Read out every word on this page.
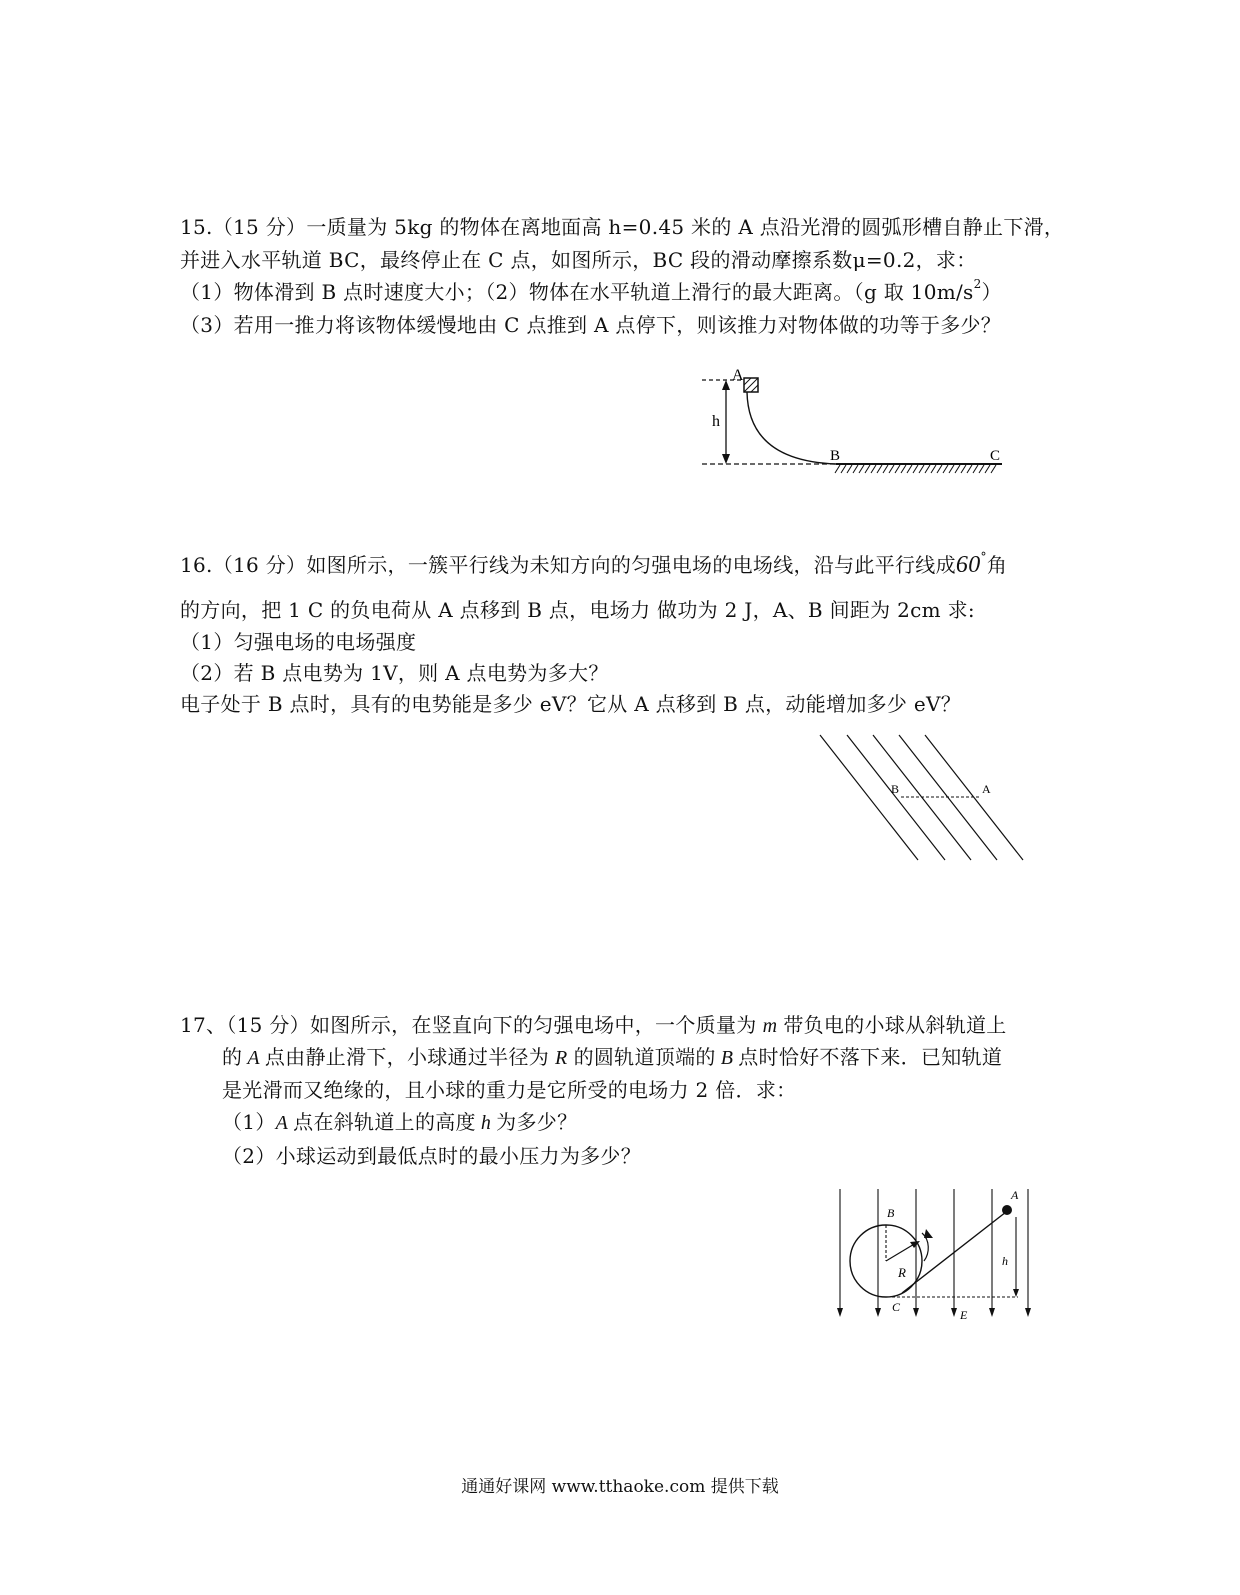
15.（15 分）一质量为 5kg 的物体在离地面高 h=0.45 米的 A 点沿光滑的圆弧形槽自静止下滑，
并进入水平轨道 BC，最终停止在 C 点，如图所示，BC 段的滑动摩擦系数μ=0.2，求：
（1）物体滑到 B 点时速度大小；（2）物体在水平轨道上滑行的最大距离。（g 取 $10m/s^2$）
（3）若用一推力将该物体缓慢地由 C 点推到 A 点停下，则该推力对物体做的功等于多少？
A
h
B	C
16.（16 分）如图所示，一簇平行线为未知方向的匀强电场的电场线，沿与此平行线成60°角
的方向，把 1 C 的负电荷从 A 点移到 B 点，电场力 做功为 2 J，A、B 间距为 2cm 求:
（1）匀强电场的电场强度
（2）若 B 点电势为 1V，则 A 点电势为多大？
电子处于 B 点时，具有的电势能是多少 eV？它从 A 点移到 B 点，动能增加多少 eV？
B	A
17、（15 分）如图所示，在竖直向下的匀强电场中，一个质量为 m 带负电的小球从斜轨道上
的 A 点由静止滑下，小球通过半径为 R 的圆轨道顶端的 B 点时恰好不落下来．已知轨道
是光滑而又绝缘的，且小球的重力是它所受的电场力 2 倍．求：
（1）A 点在斜轨道上的高度 h 为多少？
（2）小球运动到最低点时的最小压力为多少？
A
B
R
h
C
E
通通好课网 www.tthaoke.com 提供下载
